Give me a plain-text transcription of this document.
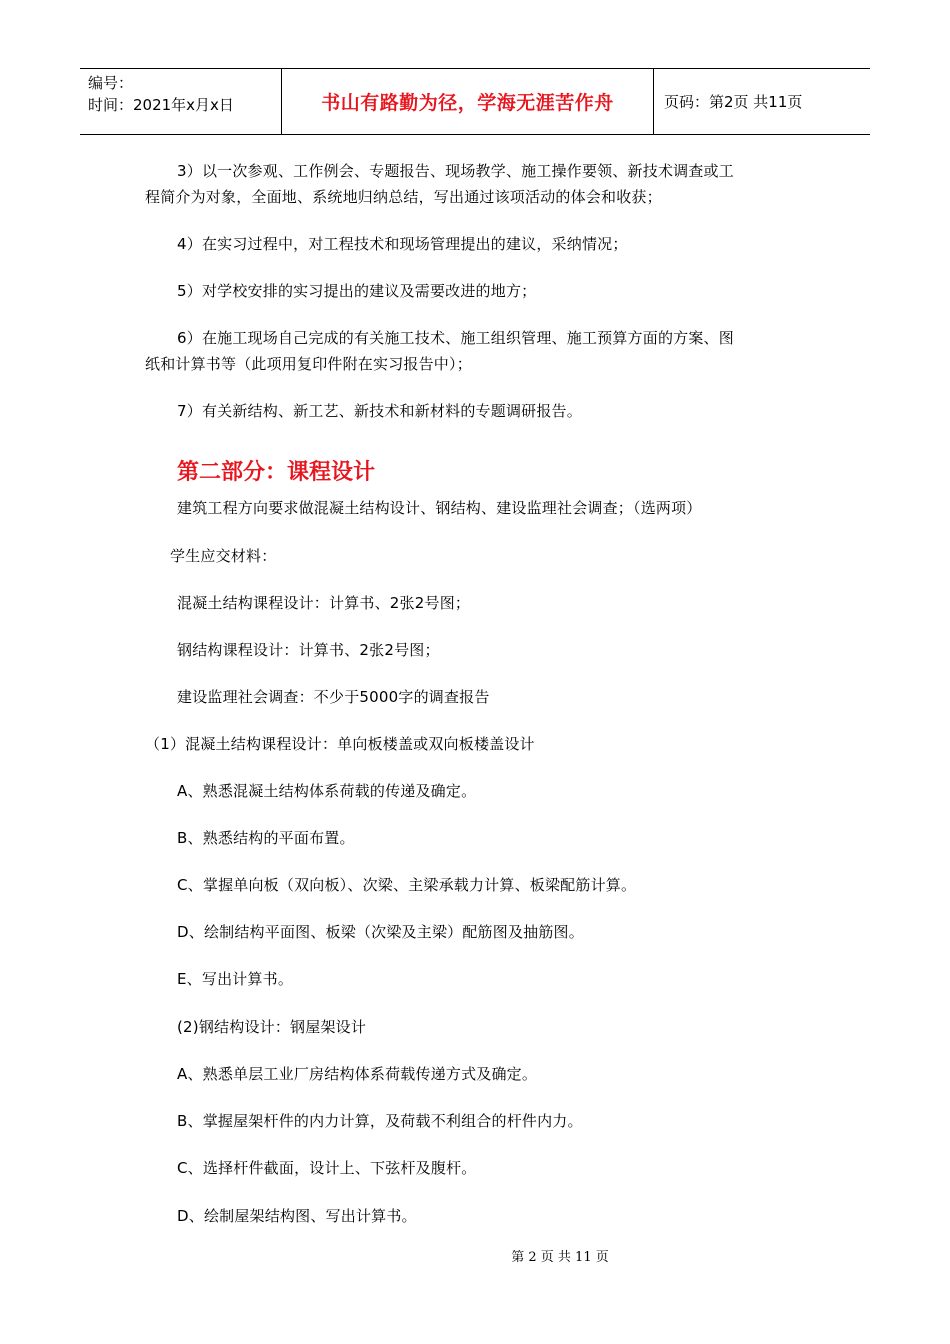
编号：
时间：2021年x月x日	书山有路勤为径，学海无涯苦作舟	页码：第2页 共11页
3）以一次参观、工作例会、专题报告、现场教学、施工操作要领、新技术调查或工
程简介为对象，全面地、系统地归纳总结，写出通过该项活动的体会和收获；
4）在实习过程中，对工程技术和现场管理提出的建议，采纳情况；
5）对学校安排的实习提出的建议及需要改进的地方；
6）在施工现场自己完成的有关施工技术、施工组织管理、施工预算方面的方案、图
纸和计算书等（此项用复印件附在实习报告中）；
7）有关新结构、新工艺、新技术和新材料的专题调研报告。
第二部分：课程设计
建筑工程方向要求做混凝土结构设计、钢结构、建设监理社会调查；（选两项）
学生应交材料：
混凝土结构课程设计：计算书、2张2号图；
钢结构课程设计：计算书、2张2号图；
建设监理社会调查：不少于5000字的调查报告
（1）混凝土结构课程设计：单向板楼盖或双向板楼盖设计
A、熟悉混凝土结构体系荷载的传递及确定。
B、熟悉结构的平面布置。
C、掌握单向板（双向板）、次梁、主梁承载力计算、板梁配筋计算。
D、绘制结构平面图、板梁（次梁及主梁）配筋图及抽筋图。
E、写出计算书。
(2)钢结构设计：钢屋架设计
A、熟悉单层工业厂房结构体系荷载传递方式及确定。
B、掌握屋架杆件的内力计算，及荷载不利组合的杆件内力。
C、选择杆件截面，设计上、下弦杆及腹杆。
D、绘制屋架结构图、写出计算书。
第 2 页 共 11 页
